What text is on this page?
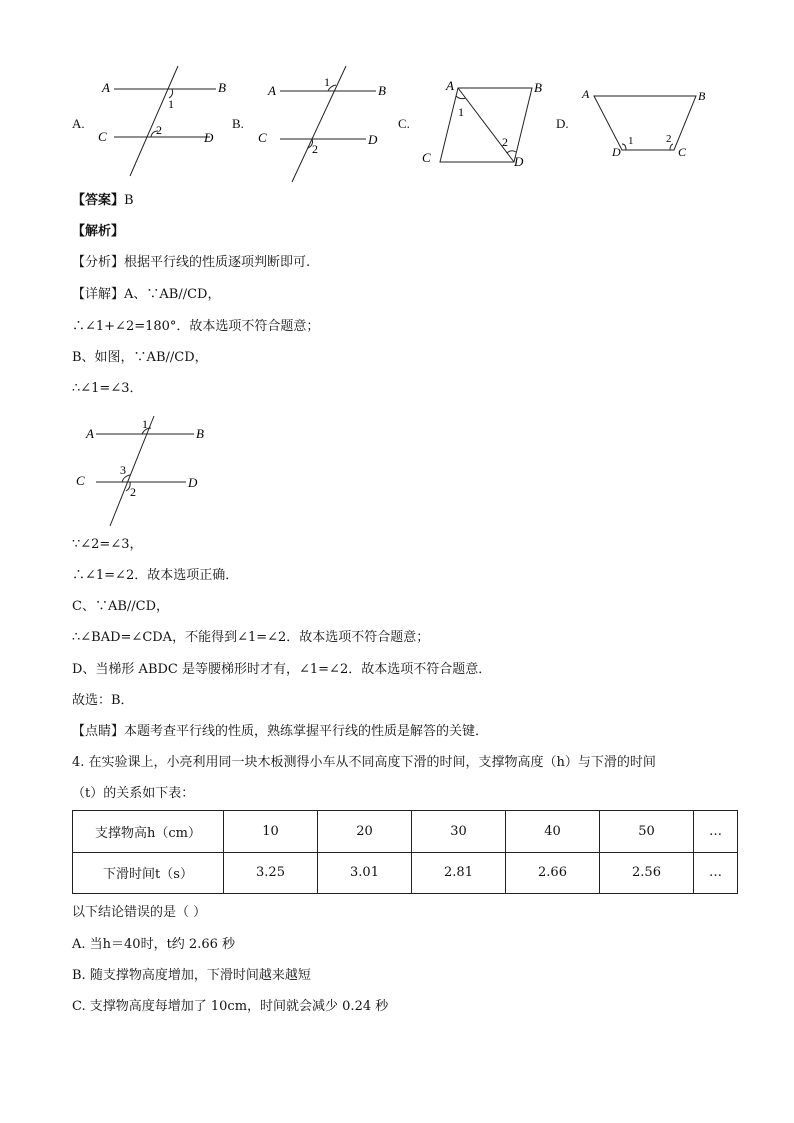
A.
A	B
C	D
1
2	B.
A	B
C	D
1
2
C.
A	B
C	D
1
2
D.
A	B
D	C
1	2
【答案】B
【解析】
【分析】根据平行线的性质逐项判断即可.
【详解】A、∵AB//CD，
∴∠1+∠2=180°．故本选项不符合题意；
B、如图，∵AB//CD，
∴∠1=∠3．
A	B
C	D
1
3
2
∵∠2=∠3，
∴∠1=∠2．故本选项正确．
C、∵AB//CD，
∴∠BAD=∠CDA，不能得到∠1=∠2．故本选项不符合题意；
D、当梯形 ABDC 是等腰梯形时才有，∠1=∠2．故本选项不符合题意．
故选：B．
【点睛】本题考查平行线的性质，熟练掌握平行线的性质是解答的关键．
4. 在实验课上，小亮利用同一块木板测得小车从不同高度下滑的时间，支撑物高度（h）与下滑的时间
（t）的关系如下表：
支撑物高h（cm）	10	20	30	40	50	…
下滑时间t（s）	3.25	3.01	2.81	2.66	2.56	…
以下结论错误的是（ ）
A. 当h＝40时，t约 2.66 秒
B. 随支撑物高度增加，下滑时间越来越短
C. 支撑物高度每增加了 10cm，时间就会减少 0.24 秒
